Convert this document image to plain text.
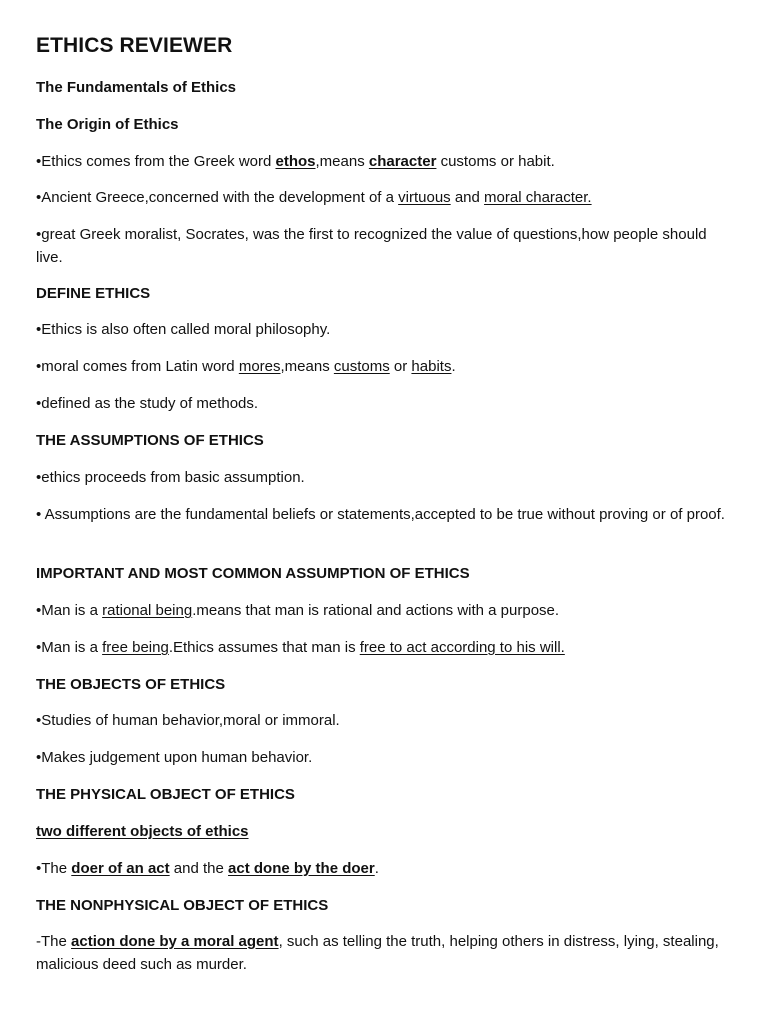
ETHICS REVIEWER

The Fundamentals of Ethics

The Origin of Ethics

•Ethics comes from the Greek word ethos,means character customs or habit.

•Ancient Greece,concerned with the development of a virtuous and moral character.

•great Greek moralist, Socrates, was the first to recognized the value of questions,how people should live.

DEFINE ETHICS

•Ethics is also often called moral philosophy.

•moral comes from Latin word mores,means customs or habits.

•defined as the study of methods.

THE ASSUMPTIONS OF ETHICS

•ethics proceeds from basic assumption.

• Assumptions are the fundamental beliefs or statements,accepted to be true without proving or of proof.

IMPORTANT AND MOST COMMON ASSUMPTION OF ETHICS

•Man is a rational being.means that man is rational and actions with a purpose.

•Man is a free being.Ethics assumes that man is free to act according to his will.

THE OBJECTS OF ETHICS

•Studies of human behavior,moral or immoral.

•Makes judgement upon human behavior.

THE PHYSICAL OBJECT OF ETHICS

two different objects of ethics

•The doer of an act and the act done by the doer.

THE NONPHYSICAL OBJECT OF ETHICS

-The action done by a moral agent, such as telling the truth, helping others in distress, lying, stealing, malicious deed such as murder.
